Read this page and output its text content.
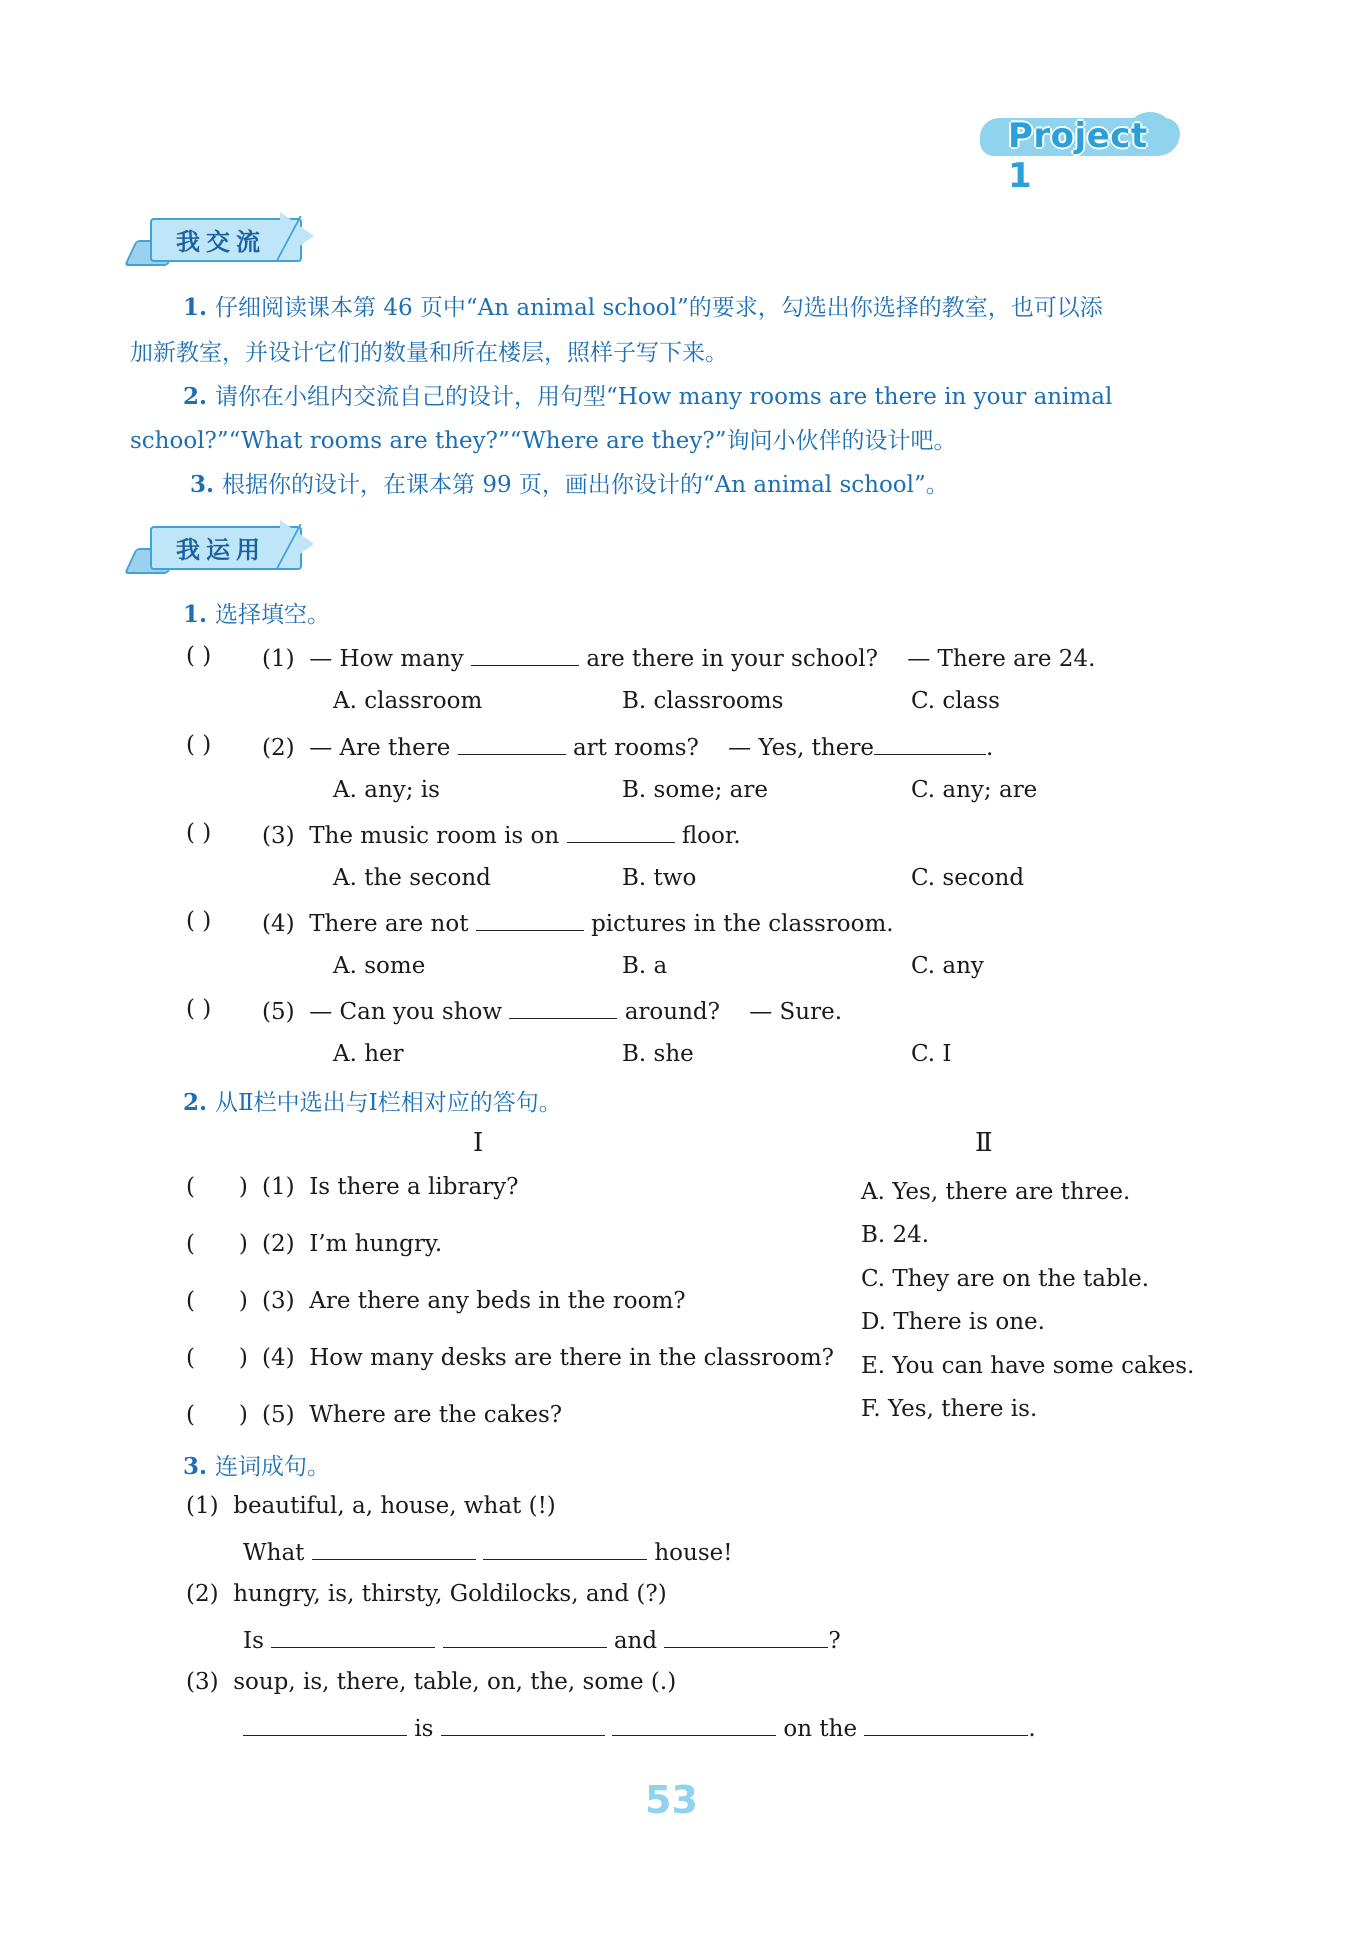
Project 1
我交流
1. 仔细阅读课本第 46 页中“An animal school”的要求，勾选出你选择的教室，也可以添
加新教室，并设计它们的数量和所在楼层，照样子写下来。
2. 请你在小组内交流自己的设计，用句型“How many rooms are there in your animal
school?”“What rooms are they?”“Where are they?”询问小伙伴的设计吧。
3. 根据你的设计，在课本第 99 页，画出你设计的“An animal school”。
我运用
1. 选择填空。
( ) (1) — How many	are there in your school? — There are 24.
A. classroom	B. classrooms	C. class
( ) (2) — Are there	art rooms? — Yes, there	.
A. any; is	B. some; are	C. any; are
( ) (3) The music room is on	floor.
A. the second	B. two	C. second
( ) (4) There are not	pictures in the classroom.
A. some	B. a	C. any
( ) (5) — Can you show	around? — Sure.
A. her	B. she	C. I
2. 从Ⅱ栏中选出与Ⅰ栏相对应的答句。
Ⅰ	Ⅱ
(      ) (1) Is there a library?
(      ) (2) I’m hungry.
(      ) (3) Are there any beds in the room?
(      ) (4) How many desks are there in the classroom?
(      ) (5) Where are the cakes?
A. Yes, there are three.
B. 24.
C. They are on the table.
D. There is one.
E. You can have some cakes.
F. Yes, there is.
3. 连词成句。
(1) beautiful, a, house, what (!)
What	house!
(2) hungry, is, thirsty, Goldilocks, and (?)
Is	and	?
(3) soup, is, there, table, on, the, some (.)
is	on the	.
53
